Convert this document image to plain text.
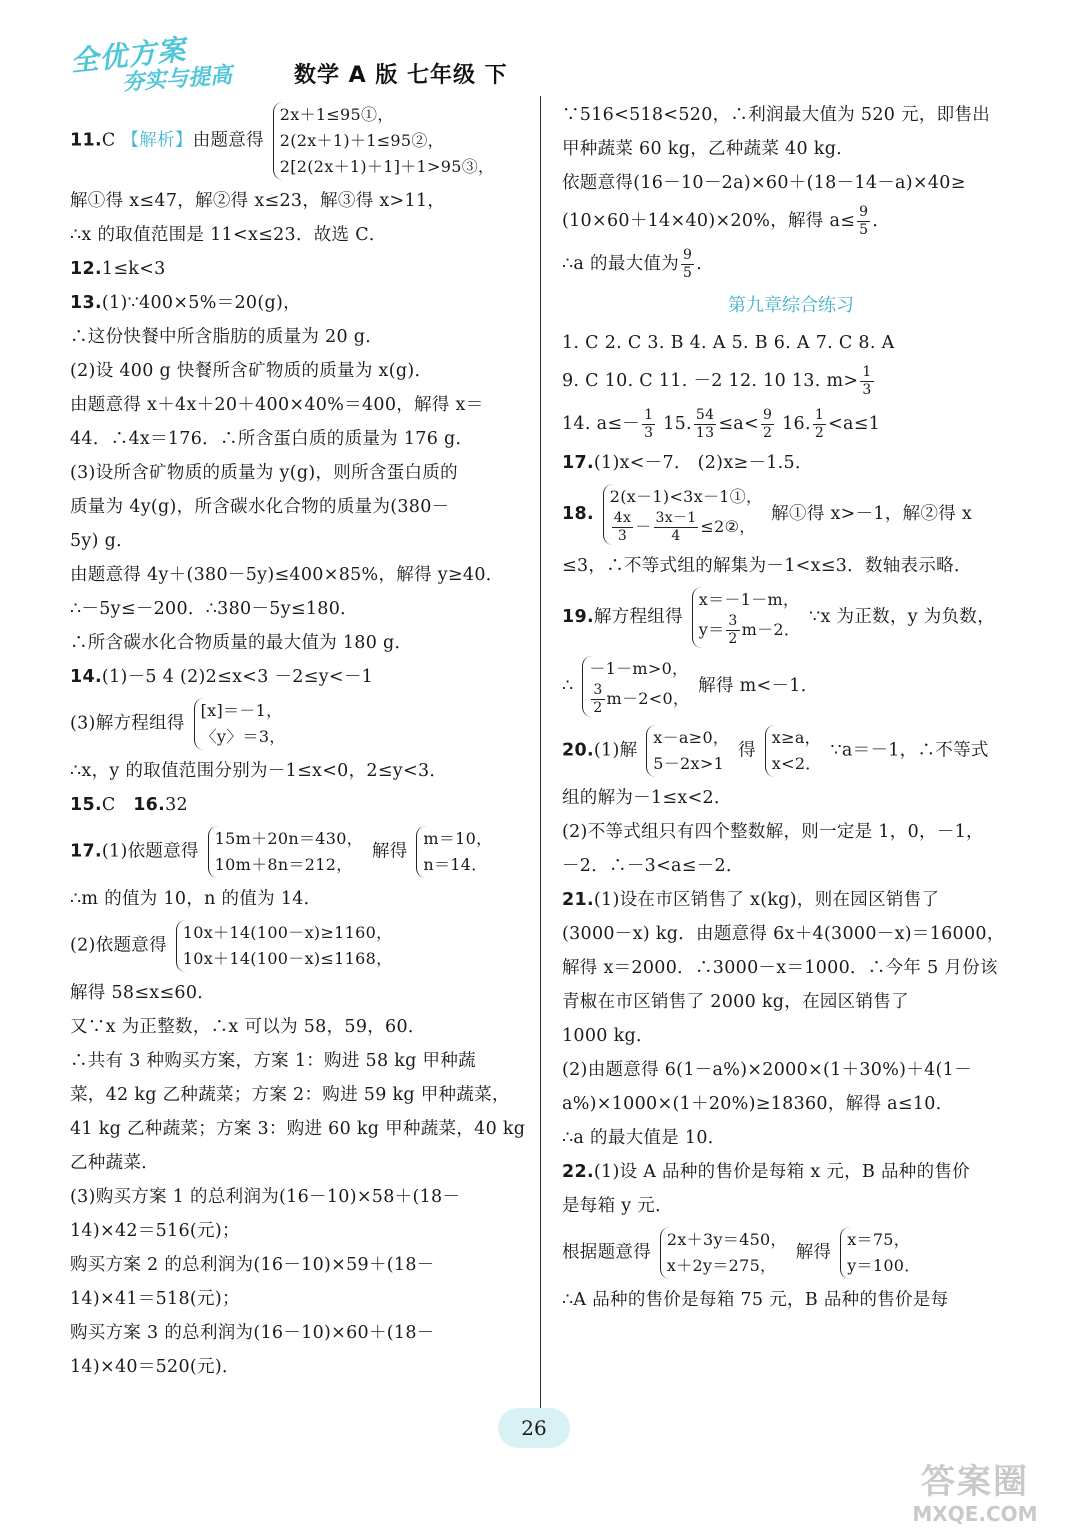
全优方案
夯实与提高	数学 A 版 七年级 下
11.C 【解析】由题意得
2x＋1≤95①，
2(2x＋1)＋1≤95②，
2[2(2x＋1)＋1]＋1>95③，
解①得 x≤47，解②得 x≤23，解③得 x>11，
∴x 的取值范围是 11<x≤23．故选 C．
12.1≤k<3
13.(1)∵400×5%＝20(g)，
∴这份快餐中所含脂肪的质量为 20 g．
(2)设 400 g 快餐所含矿物质的质量为 x(g)．
由题意得 x＋4x＋20＋400×40%＝400，解得 x＝
44．∴4x＝176．∴所含蛋白质的质量为 176 g．
(3)设所含矿物质的质量为 y(g)，则所含蛋白质的
质量为 4y(g)，所含碳水化合物的质量为(380－
5y) g．
由题意得 4y＋(380－5y)≤400×85%，解得 y≥40．
∴－5y≤－200．∴380－5y≤180．
∴所含碳水化合物质量的最大值为 180 g．
14.(1)－5 4 (2)2≤x<3 －2≤y<－1
(3)解方程组得
[x]＝－1，
〈y〉＝3，
∴x，y 的取值范围分别为－1≤x<0，2≤y<3．
15.C 16.32
17.(1)依题意得
15m＋20n＝430，
10m＋8n＝212，
解得
m＝10，
n＝14．
∴m 的值为 10，n 的值为 14．
(2)依题意得
10x＋14(100－x)≥1160，
10x＋14(100－x)≤1168，
解得 58≤x≤60．
又∵x 为正整数，∴x 可以为 58，59，60．
∴共有 3 种购买方案，方案 1：购进 58 kg 甲种蔬
菜，42 kg 乙种蔬菜；方案 2：购进 59 kg 甲种蔬菜，
41 kg 乙种蔬菜；方案 3：购进 60 kg 甲种蔬菜，40 kg
乙种蔬菜．
(3)购买方案 1 的总利润为(16－10)×58＋(18－
14)×42＝516(元)；
购买方案 2 的总利润为(16－10)×59＋(18－
14)×41＝518(元)；
购买方案 3 的总利润为(16－10)×60＋(18－
14)×40＝520(元)．
∵516<518<520，∴利润最大值为 520 元，即售出
甲种蔬菜 60 kg，乙种蔬菜 40 kg．
依题意得(16－10－2a)×60＋(18－14－a)×40≥
(10×60＋14×40)×20%，解得 $a\le \frac{9}{5}$ ．
∴a 的最大值为 $\frac{9}{5}$ ．
第九章综合练习
1. C 2. C 3. B 4. A 5. B 6. A 7. C 8. A
9. C 10. C 11. －2 12. 10 13. $m> \frac{1}{3}$
14. $a\le- \frac{1}{3} 15$. $\frac{54}{13} \le a< \frac{9}{2} 16$. $\frac{1}{2} <a\le 1$
17.(1)x<－7． (2)x≥－1.5．
18.
2(x－1)<3x－1①，
$\frac{4x}{3} - \frac{3x-1}{4}$ ≤2②，
解①得 x>－1，解②得 x
≤3，∴不等式组的解集为－1<x≤3．数轴表示略．
19.解方程组得
x＝－1－m，
$y= \frac{3}{2} m-2$．
∵x 为正数，y 为负数，
∴
－1－m>0，
$\frac{3}{2} m-2<0$，
解得 m<－1．
20.(1)解
x－a≥0，
5－2x>1
得
x≥a，
x<2．
∵a＝－1，∴不等式
组的解为－1≤x<2．
(2)不等式组只有四个整数解，则一定是 1，0，－1，
－2．∴－3<a≤－2．
21.(1)设在市区销售了 x(kg)，则在园区销售了
(3000－x) kg．由题意得 6x＋4(3000－x)＝16000，
解得 x＝2000．∴3000－x＝1000．∴今年 5 月份该
青椒在市区销售了 2000 kg，在园区销售了
1000 kg．
(2)由题意得 6(1－a%)×2000×(1＋30%)＋4(1－
a%)×1000×(1＋20%)≥18360，解得 a≤10．
∴a 的最大值是 10．
22.(1)设 A 品种的售价是每箱 x 元，B 品种的售价
是每箱 y 元．
根据题意得
2x＋3y＝450，
x＋2y＝275，
解得
x＝75，
y＝100．
∴A 品种的售价是每箱 75 元，B 品种的售价是每
26
答案圈
MXQE.COM
